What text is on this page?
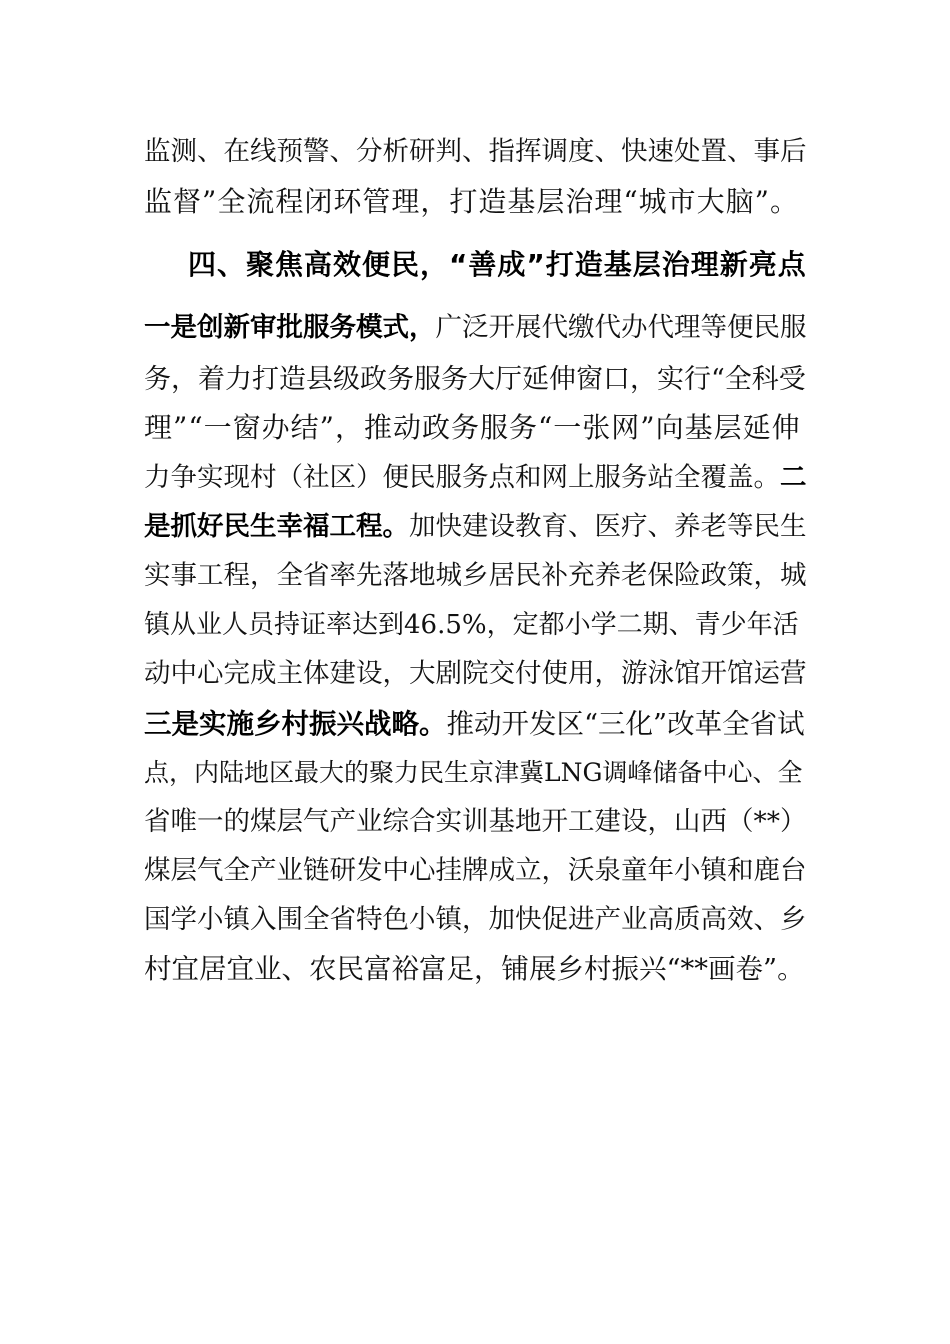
监测、在线预警、分析研判、指挥调度、快速处置、事后
监督”全流程闭环管理，打造基层治理“城市大脑”。
四、聚焦高效便民，“善成”打造基层治理新亮点
一是创新审批服务模式，广泛开展代缴代办代理等便民服
务，着力打造县级政务服务大厅延伸窗口，实行“全科受
理”“一窗办结”，推动政务服务“一张网”向基层延伸
力争实现村（社区）便民服务点和网上服务站全覆盖。二
是抓好民生幸福工程。加快建设教育、医疗、养老等民生
实事工程，全省率先落地城乡居民补充养老保险政策，城
镇从业人员持证率达到46.5%，定都小学二期、青少年活
动中心完成主体建设，大剧院交付使用，游泳馆开馆运营
三是实施乡村振兴战略。推动开发区“三化”改革全省试
点，内陆地区最大的聚力民生京津冀LNG调峰储备中心、全
省唯一的煤层气产业综合实训基地开工建设，山西（**）
煤层气全产业链研发中心挂牌成立，沃泉童年小镇和鹿台
国学小镇入围全省特色小镇，加快促进产业高质高效、乡
村宜居宜业、农民富裕富足，铺展乡村振兴“**画卷”。
